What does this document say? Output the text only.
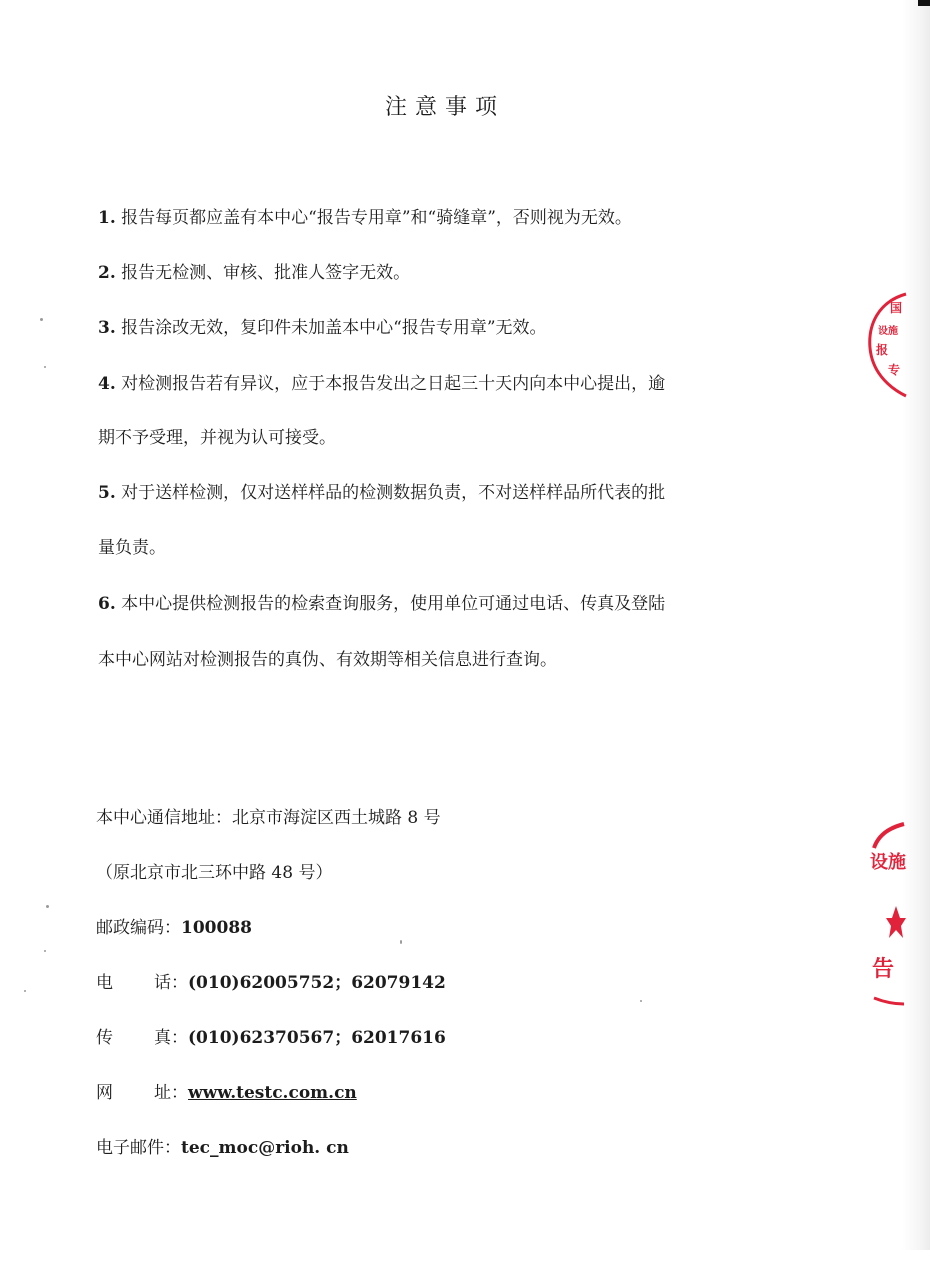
注意事项
1. 报告每页都应盖有本中心“报告专用章”和“骑缝章”，否则视为无效。
2. 报告无检测、审核、批准人签字无效。
3. 报告涂改无效，复印件未加盖本中心“报告专用章”无效。
4. 对检测报告若有异议，应于本报告发出之日起三十天内向本中心提出，逾
期不予受理，并视为认可接受。
5. 对于送样检测，仅对送样样品的检测数据负责，不对送样样品所代表的批
量负责。
6. 本中心提供检测报告的检索查询服务，使用单位可通过电话、传真及登陆
本中心网站对检测报告的真伪、有效期等相关信息进行查询。
本中心通信地址：北京市海淀区西土城路 8 号
（原北京市北三环中路 48 号）
邮政编码：100088
电 话：(010)62005752；62079142
传 真：(010)62370567；62017616
网 址：www.testc.com.cn
电子邮件：tec_moc@rioh. cn
国
设施
报
专
设施
告
